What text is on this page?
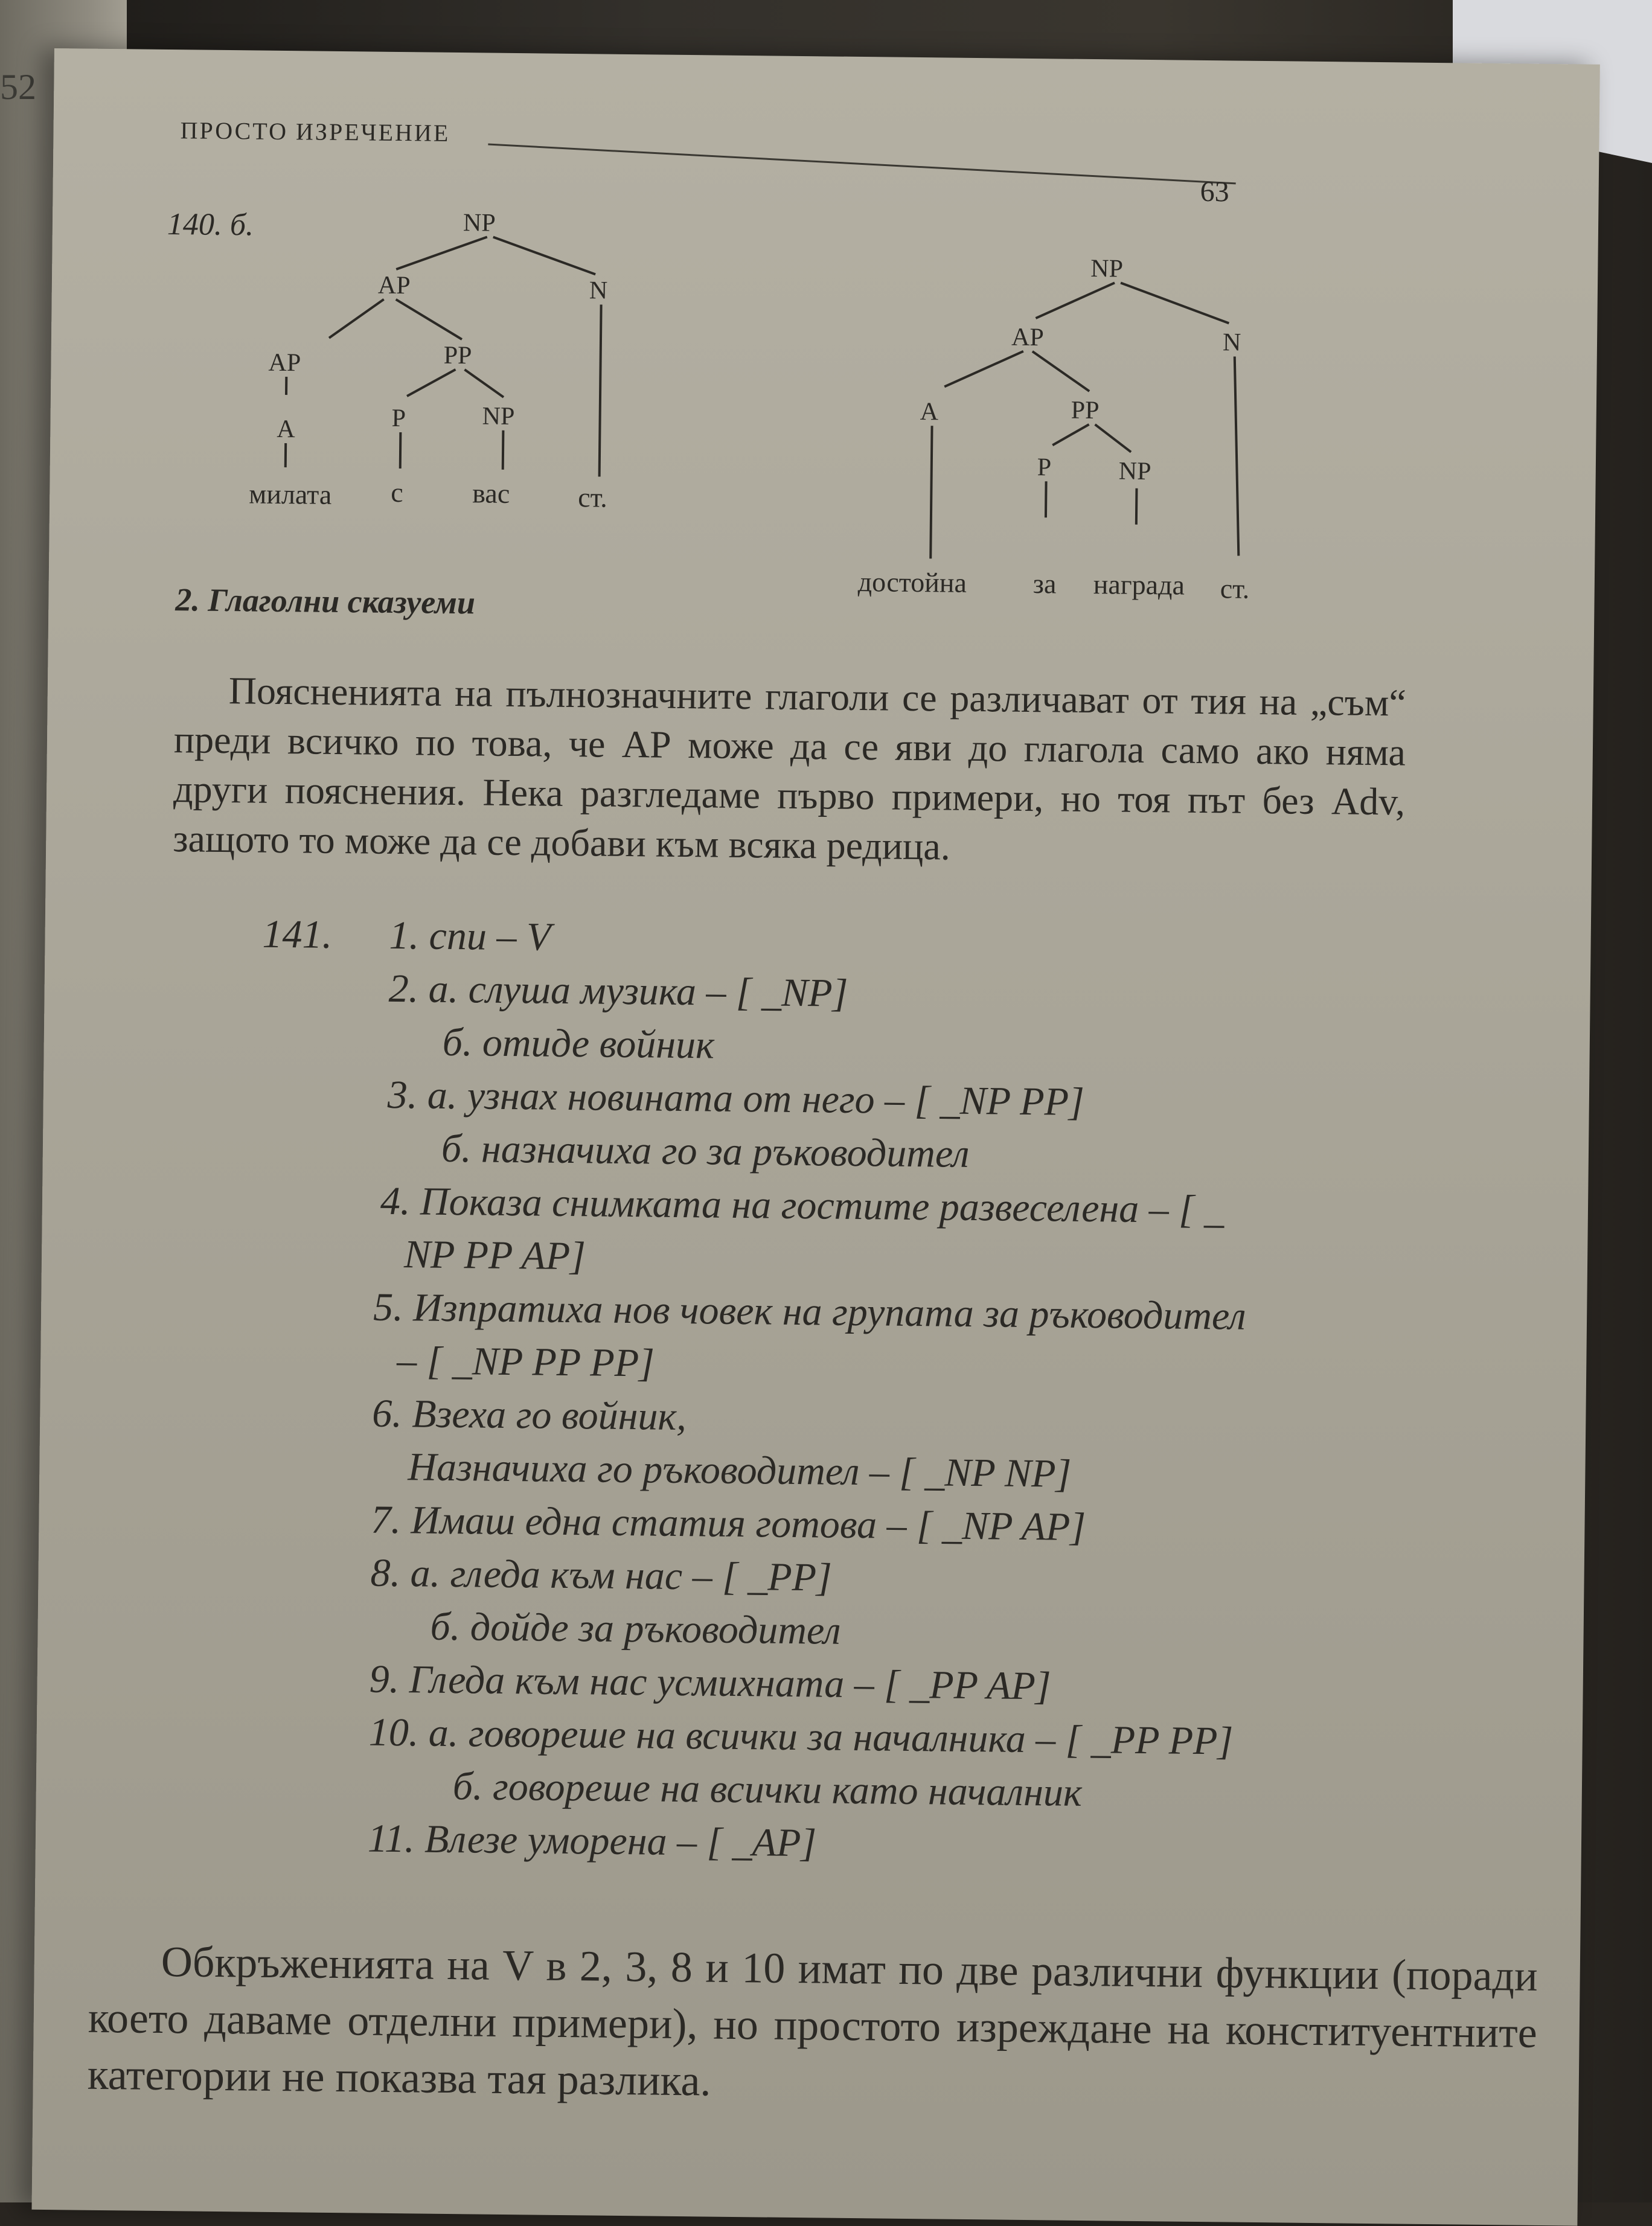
52
ПРОСТО ИЗРЕЧЕНИЕ
63
140. б.	NP
AP	N
AP	PP
A	P	NP
милата с вас ст.
NP
AP	N
A	PP
P	NP
достойна за награда ст.
2. Глаголни сказуеми
Поясненията на пълнозначните глаголи се различават от тия на „съм“ преди всичко по това, че АР може да се яви до глагола само ако няма други пояснения. Нека разгледаме първо примери, но тоя път без Adv, защото то може да се добави към всяка редица.
141. 1. спи – V
2. а. слуша музика – [ _NP]
б. отиде войник
3. а. узнах новината от него – [ _NP PP]
б. назначиха го за ръководител
4. Показа снимката на гостите развеселена – [ _
NP PP AP]
5. Изпратиха нов човек на групата за ръководител
– [ _NP PP PP]
6. Взеха го войник,
Назначиха го ръководител – [ _NP NP]
7. Имаш една статия готова – [ _NP AP]
8. а. гледа към нас – [ _PP]
б. дойде за ръководител
9. Гледа към нас усмихната – [ _PP AP]
10. а. говореше на всички за началника – [ _PP PP]
б. говореше на всички като началник
11. Влезе уморена – [ _AP]
Обкръженията на V в 2, 3, 8 и 10 имат по две различни функции (поради което даваме отделни примери), но простото изреждане на конституентните категории не показва тая разлика.
